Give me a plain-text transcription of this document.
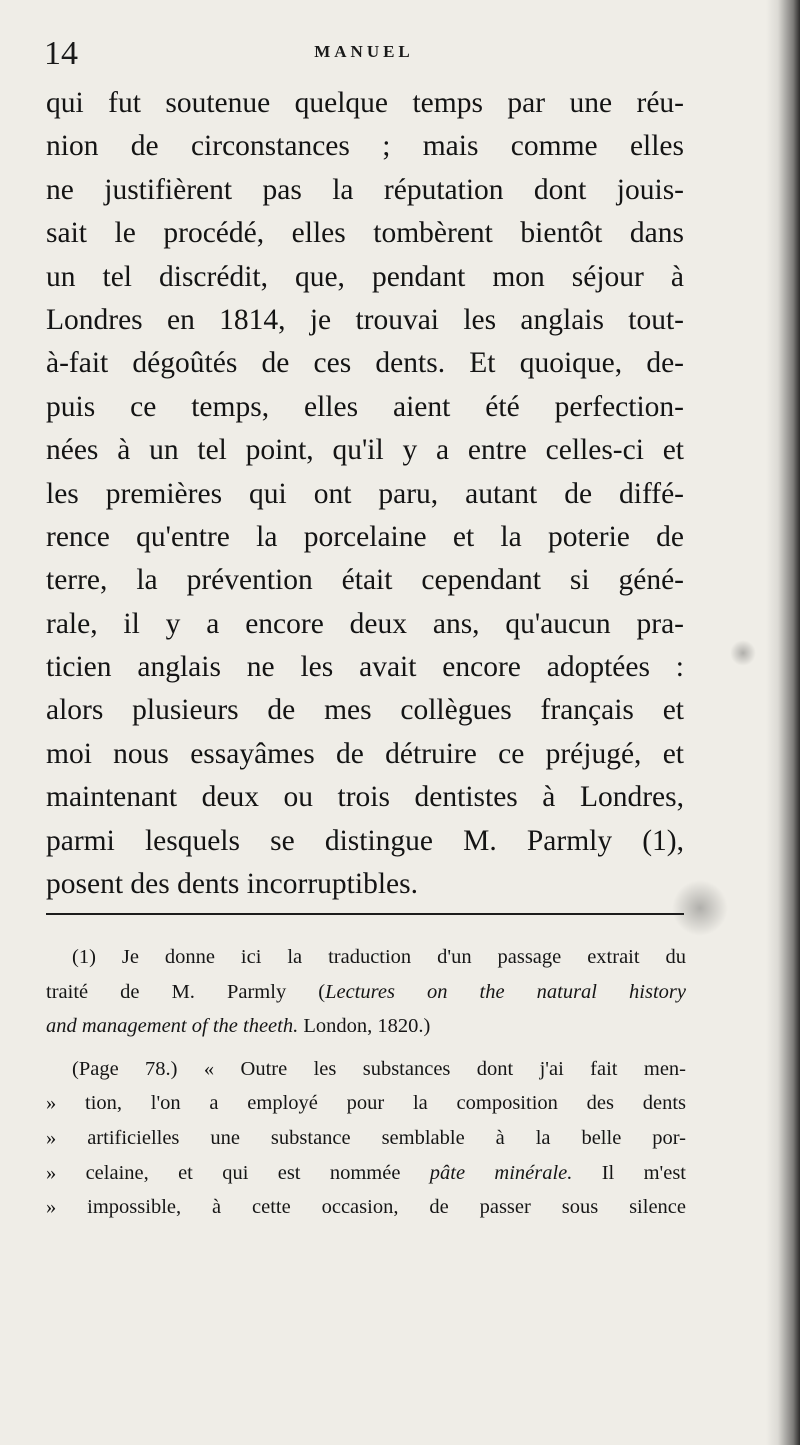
14	MANUEL
qui fut soutenue quelque temps par une réu-
nion de circonstances ; mais comme elles
ne justifièrent pas la réputation dont jouis-
sait le procédé, elles tombèrent bientôt dans
un tel discrédit, que, pendant mon séjour à
Londres en 1814, je trouvai les anglais tout-
à-fait dégoûtés de ces dents. Et quoique, de-
puis ce temps, elles aient été perfection-
nées à un tel point, qu'il y a entre celles-ci et
les premières qui ont paru, autant de diffé-
rence qu'entre la porcelaine et la poterie de
terre, la prévention était cependant si géné-
rale, il y a encore deux ans, qu'aucun pra-
ticien anglais ne les avait encore adoptées :
alors plusieurs de mes collègues français et
moi nous essayâmes de détruire ce préjugé, et
maintenant deux ou trois dentistes à Londres,
parmi lesquels se distingue M. Parmly (1),
posent des dents incorruptibles.
(1) Je donne ici la traduction d'un passage extrait du
traité de M. Parmly (Lectures on the natural history
and management of the theeth. London, 1820.)
(Page 78.) « Outre les substances dont j'ai fait men-
» tion, l'on a employé pour la composition des dents
» artificielles une substance semblable à la belle por-
» celaine, et qui est nommée pâte minérale. Il m'est
» impossible, à cette occasion, de passer sous silence
